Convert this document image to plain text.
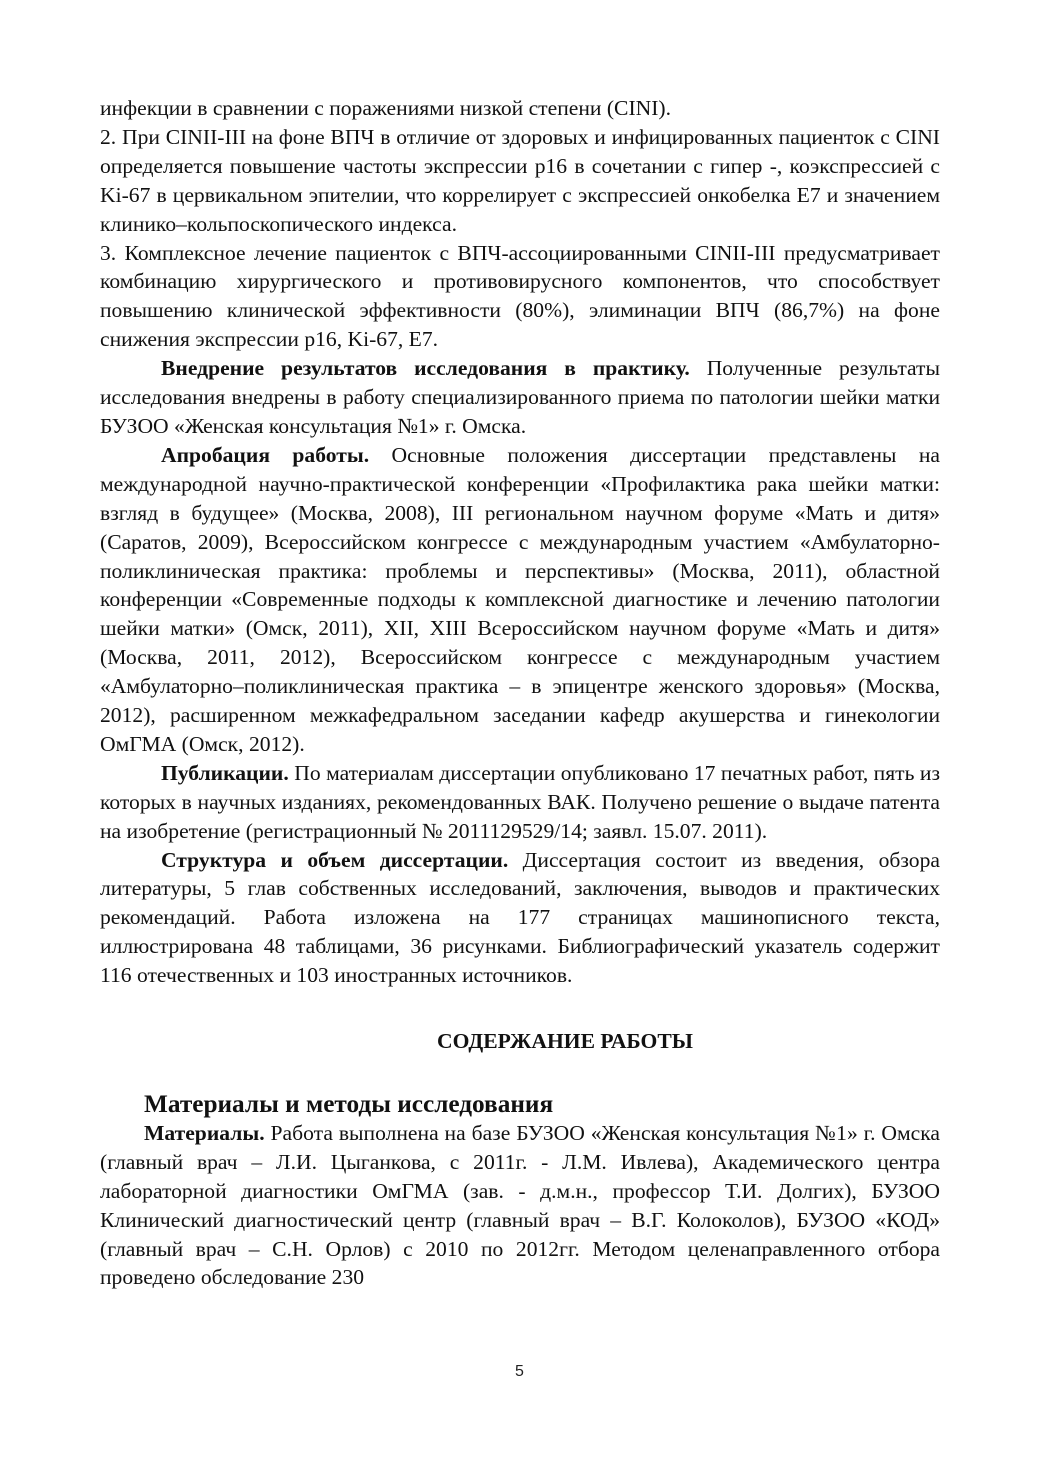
инфекции в сравнении с поражениями низкой степени (CINI).

2. При CINII-III на фоне ВПЧ в отличие от здоровых и инфицированных пациенток с CINI определяется повышение частоты экспрессии p16 в сочетании с гипер -, коэкспрессией с Ki-67 в цервикальном эпителии, что коррелирует с экспрессией онкобелка Е7 и значением клинико–кольпоскопического индекса.

3. Комплексное лечение пациенток с ВПЧ-ассоциированными CINII-III предусматривает комбинацию хирургического и противовирусного компонентов, что способствует повышению клинической эффективности (80%), элиминации ВПЧ (86,7%) на фоне снижения экспрессии p16, Ki-67, E7.

Внедрение результатов исследования в практику. Полученные результаты исследования внедрены в работу специализированного приема по патологии шейки матки БУЗОО «Женская консультация №1» г. Омска.

Апробация работы. Основные положения диссертации представлены на международной научно-практической конференции «Профилактика рака шейки матки: взгляд в будущее» (Москва, 2008), III региональном научном форуме «Мать и дитя» (Саратов, 2009), Всероссийском конгрессе с международным участием «Амбулаторно-поликлиническая практика: проблемы и перспективы» (Москва, 2011), областной конференции «Современные подходы к комплексной диагностике и лечению патологии шейки матки» (Омск, 2011), XII, XIII Всероссийском научном форуме «Мать и дитя» (Москва, 2011, 2012), Всероссийском конгрессе с международным участием «Амбулаторно–поликлиническая практика – в эпицентре женского здоровья» (Москва, 2012), расширенном межкафедральном заседании кафедр акушерства и гинекологии ОмГМА (Омск, 2012).

Публикации. По материалам диссертации опубликовано 17 печатных работ, пять из которых в научных изданиях, рекомендованных ВАК. Получено решение о выдаче патента на изобретение (регистрационный № 2011129529/14; заявл. 15.07. 2011).

Структура и объем диссертации. Диссертация состоит из введения, обзора литературы, 5 глав собственных исследований, заключения, выводов и практических рекомендаций. Работа изложена на 177 страницах машинописного текста, иллюстрирована 48 таблицами, 36 рисунками. Библиографический указатель содержит 116 отечественных и 103 иностранных источников.

СОДЕРЖАНИЕ РАБОТЫ
Материалы и методы исследования

Материалы. Работа выполнена на базе БУЗОО «Женская консультация №1» г. Омска (главный врач – Л.И. Цыганкова, с 2011г. - Л.М. Ивлева), Академического центра лабораторной диагностики ОмГМА (зав. - д.м.н., профессор Т.И. Долгих), БУЗОО Клинический диагностический центр (главный врач – В.Г. Колоколов), БУЗОО «КОД» (главный врач – С.Н. Орлов) с 2010 по 2012гг. Методом целенаправленного отбора проведено обследование 230

5
